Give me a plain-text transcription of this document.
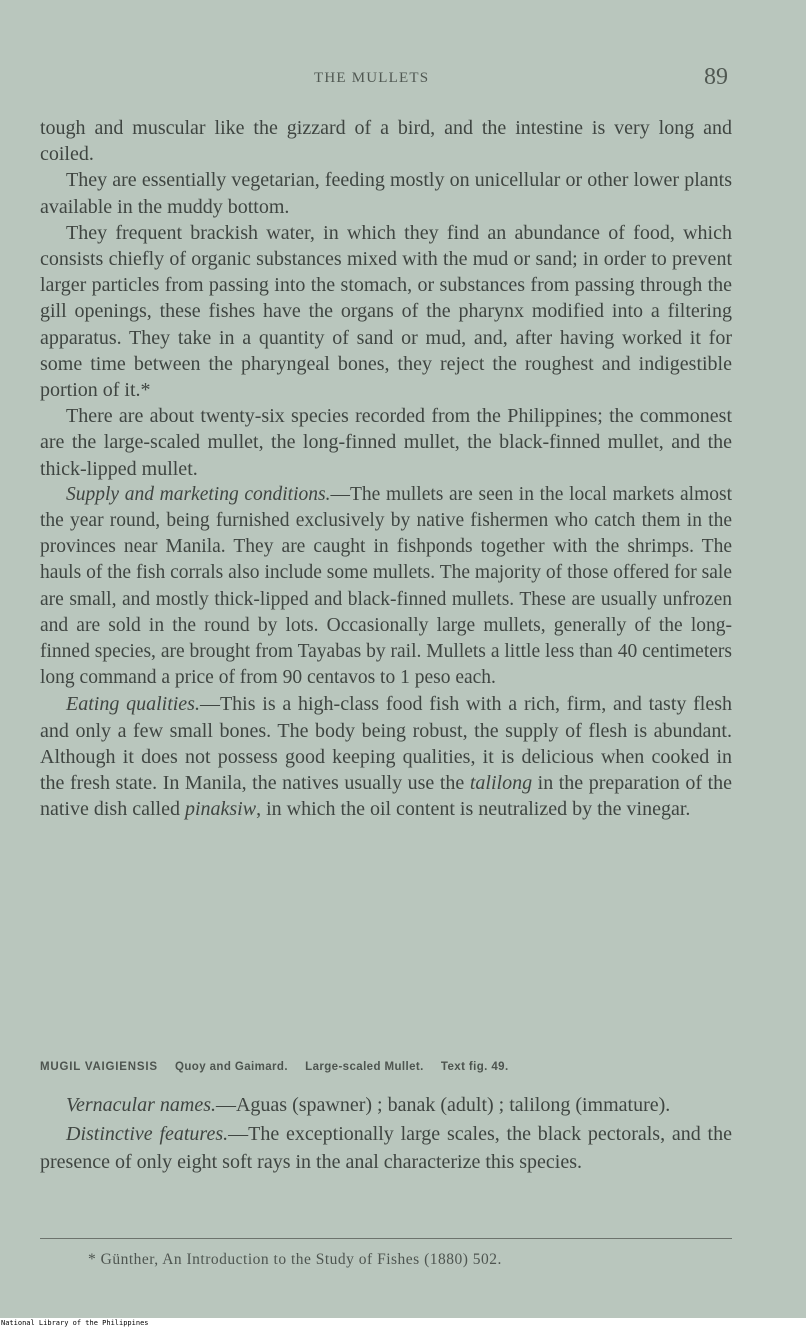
THE MULLETS	89

tough and muscular like the gizzard of a bird, and the intestine is very long and coiled.

They are essentially vegetarian, feeding mostly on unicellular or other lower plants available in the muddy bottom.

They frequent brackish water, in which they find an abundance of food, which consists chiefly of organic substances mixed with the mud or sand; in order to prevent larger particles from passing into the stomach, or substances from passing through the gill openings, these fishes have the organs of the pharynx modified into a filtering apparatus. They take in a quantity of sand or mud, and, after having worked it for some time between the pharyngeal bones, they reject the roughest and indigestible portion of it.*

There are about twenty-six species recorded from the Philippines; the commonest are the large-scaled mullet, the long-finned mullet, the black-finned mullet, and the thick-lipped mullet.

Supply and marketing conditions.—The mullets are seen in the local markets almost the year round, being furnished exclusively by native fishermen who catch them in the provinces near Manila. They are caught in fishponds together with the shrimps. The hauls of the fish corrals also include some mullets. The majority of those offered for sale are small, and mostly thick-lipped and black-finned mullets. These are usually unfrozen and are sold in the round by lots. Occasionally large mullets, generally of the long-finned species, are brought from Tayabas by rail. Mullets a little less than 40 centimeters long command a price of from 90 centavos to 1 peso each.

Eating qualities.—This is a high-class food fish with a rich, firm, and tasty flesh and only a few small bones. The body being robust, the supply of flesh is abundant. Although it does not possess good keeping qualities, it is delicious when cooked in the fresh state. In Manila, the natives usually use the talilong in the preparation of the native dish called pinaksiw, in which the oil content is neutralized by the vinegar.

MUGIL VAIGIENSIS Quoy and Gaimard. Large-scaled Mullet. Text fig. 49.

Vernacular names.—Aguas (spawner) ; banak (adult) ; talilong (immature).

Distinctive features.—The exceptionally large scales, the black pectorals, and the presence of only eight soft rays in the anal characterize this species.

* Günther, An Introduction to the Study of Fishes (1880) 502.
National Library of the Philippines
